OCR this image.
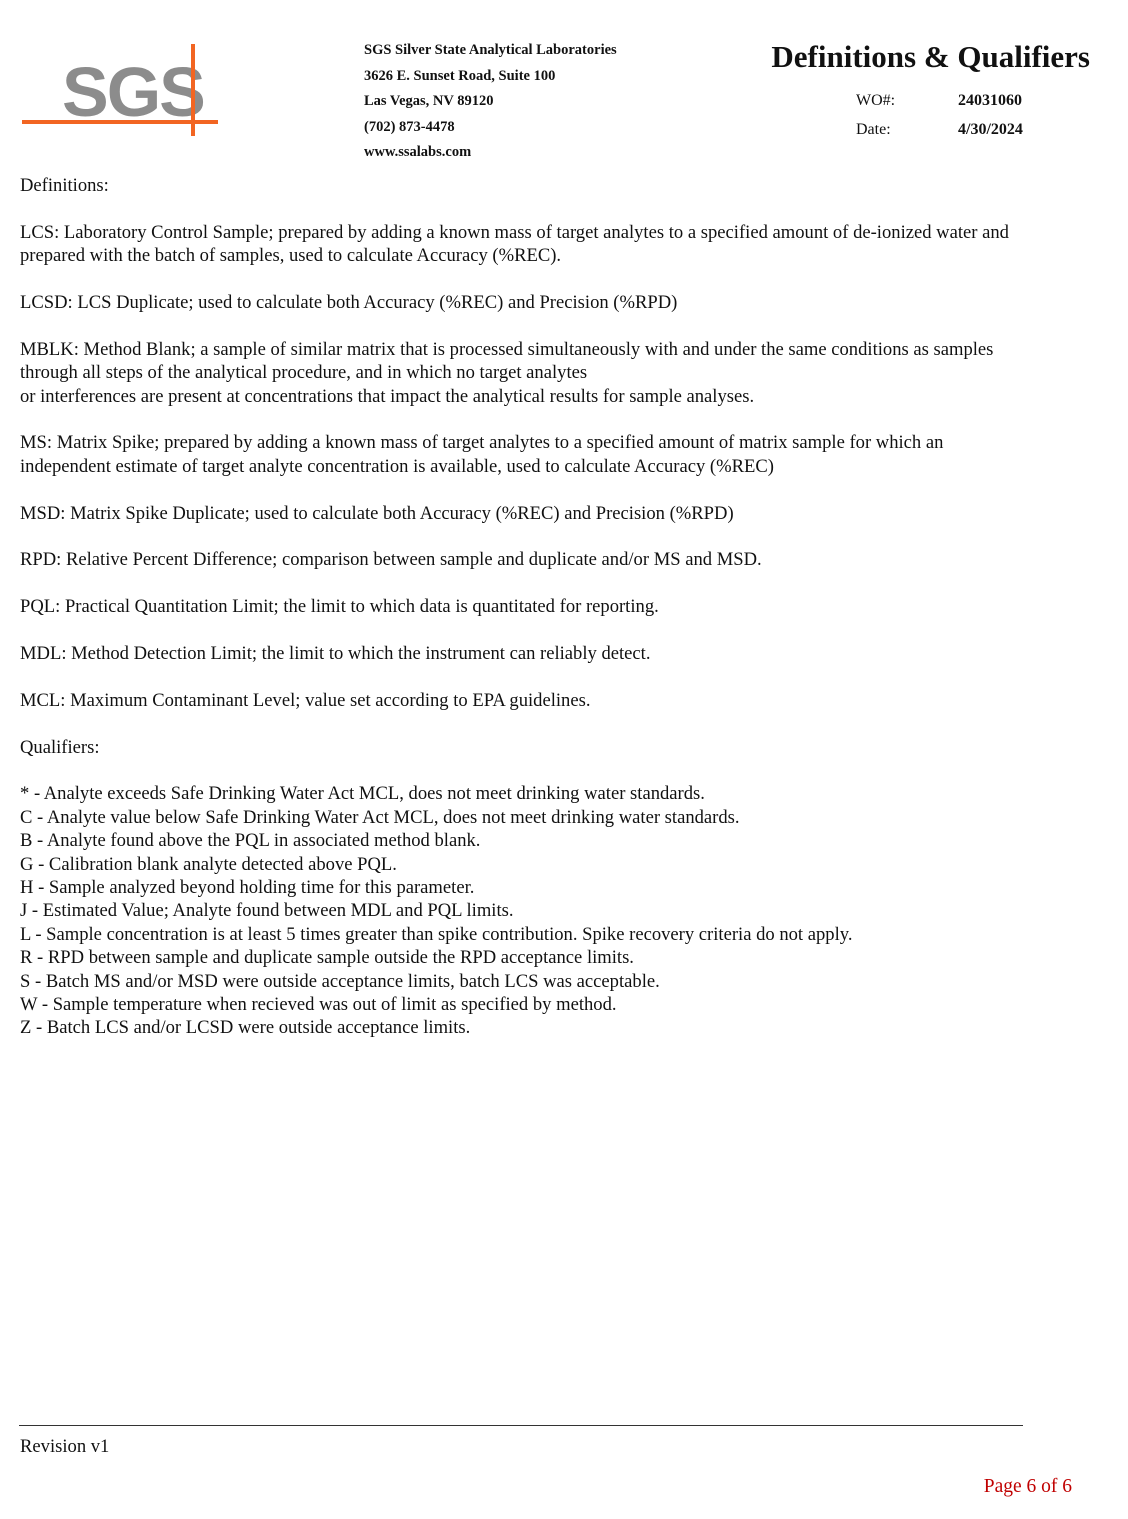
SGS
SGS Silver State Analytical Laboratories
3626 E. Sunset Road, Suite 100
Las Vegas, NV 89120
(702) 873-4478
www.ssalabs.com
Definitions & Qualifiers
WO#:	24031060
Date:	4/30/2024
Definitions:
LCS: Laboratory Control Sample; prepared by adding a known mass of target analytes to a specified amount of de-ionized water and
prepared with the batch of samples, used to calculate Accuracy (%REC).
LCSD: LCS Duplicate; used to calculate both Accuracy (%REC) and Precision (%RPD)
MBLK: Method Blank; a sample of similar matrix that is processed simultaneously with and under the same conditions as samples
through all steps of the analytical procedure, and in which no target analytes
or interferences are present at concentrations that impact the analytical results for sample analyses.
MS: Matrix Spike; prepared by adding a known mass of target analytes to a specified amount of matrix sample for which an
independent estimate of target analyte concentration is available, used to calculate Accuracy (%REC)
MSD: Matrix Spike Duplicate; used to calculate both Accuracy (%REC) and Precision (%RPD)
RPD: Relative Percent Difference; comparison between sample and duplicate and/or MS and MSD.
PQL: Practical Quantitation Limit; the limit to which data is quantitated for reporting.
MDL: Method Detection Limit; the limit to which the instrument can reliably detect.
MCL: Maximum Contaminant Level; value set according to EPA guidelines.
Qualifiers:
* - Analyte exceeds Safe Drinking Water Act MCL, does not meet drinking water standards.
C - Analyte value below Safe Drinking Water Act MCL, does not meet drinking water standards.
B - Analyte found above the PQL in associated method blank.
G - Calibration blank analyte detected above PQL.
H - Sample analyzed beyond holding time for this parameter.
J - Estimated Value; Analyte found between MDL and PQL limits.
L - Sample concentration is at least 5 times greater than spike contribution. Spike recovery criteria do not apply.
R - RPD between sample and duplicate sample outside the RPD acceptance limits.
S - Batch MS and/or MSD were outside acceptance limits, batch LCS was acceptable.
W - Sample temperature when recieved was out of limit as specified by method.
Z - Batch LCS and/or LCSD were outside acceptance limits.
Revision v1
Page 6 of 6
